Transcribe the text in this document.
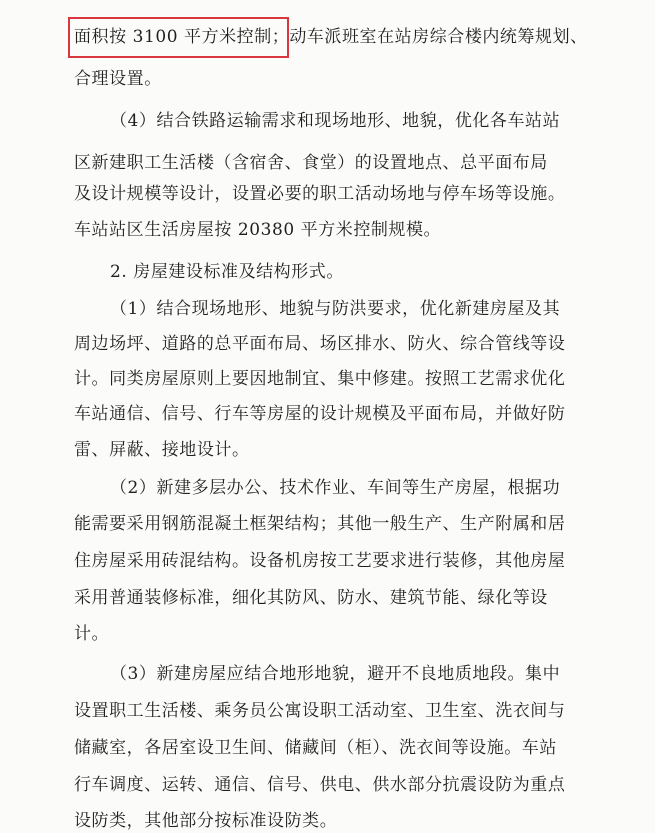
面积按 3100 平方米控制；动车派班室在站房综合楼内统筹规划、
合理设置。
（4）结合铁路运输需求和现场地形、地貌，优化各车站站
区新建职工生活楼（含宿舍、食堂）的设置地点、总平面布局
及设计规模等设计，设置必要的职工活动场地与停车场等设施。
车站站区生活房屋按 20380 平方米控制规模。
2. 房屋建设标准及结构形式。
（1）结合现场地形、地貌与防洪要求，优化新建房屋及其
周边场坪、道路的总平面布局、场区排水、防火、综合管线等设
计。同类房屋原则上要因地制宜、集中修建。按照工艺需求优化
车站通信、信号、行车等房屋的设计规模及平面布局，并做好防
雷、屏蔽、接地设计。
（2）新建多层办公、技术作业、车间等生产房屋，根据功
能需要采用钢筋混凝土框架结构；其他一般生产、生产附属和居
住房屋采用砖混结构。设备机房按工艺要求进行装修，其他房屋
采用普通装修标准，细化其防风、防水、建筑节能、绿化等设
计。
（3）新建房屋应结合地形地貌，避开不良地质地段。集中
设置职工生活楼、乘务员公寓设职工活动室、卫生室、洗衣间与
储藏室，各居室设卫生间、储藏间（柜）、洗衣间等设施。车站
行车调度、运转、通信、信号、供电、供水部分抗震设防为重点
设防类，其他部分按标准设防类。
